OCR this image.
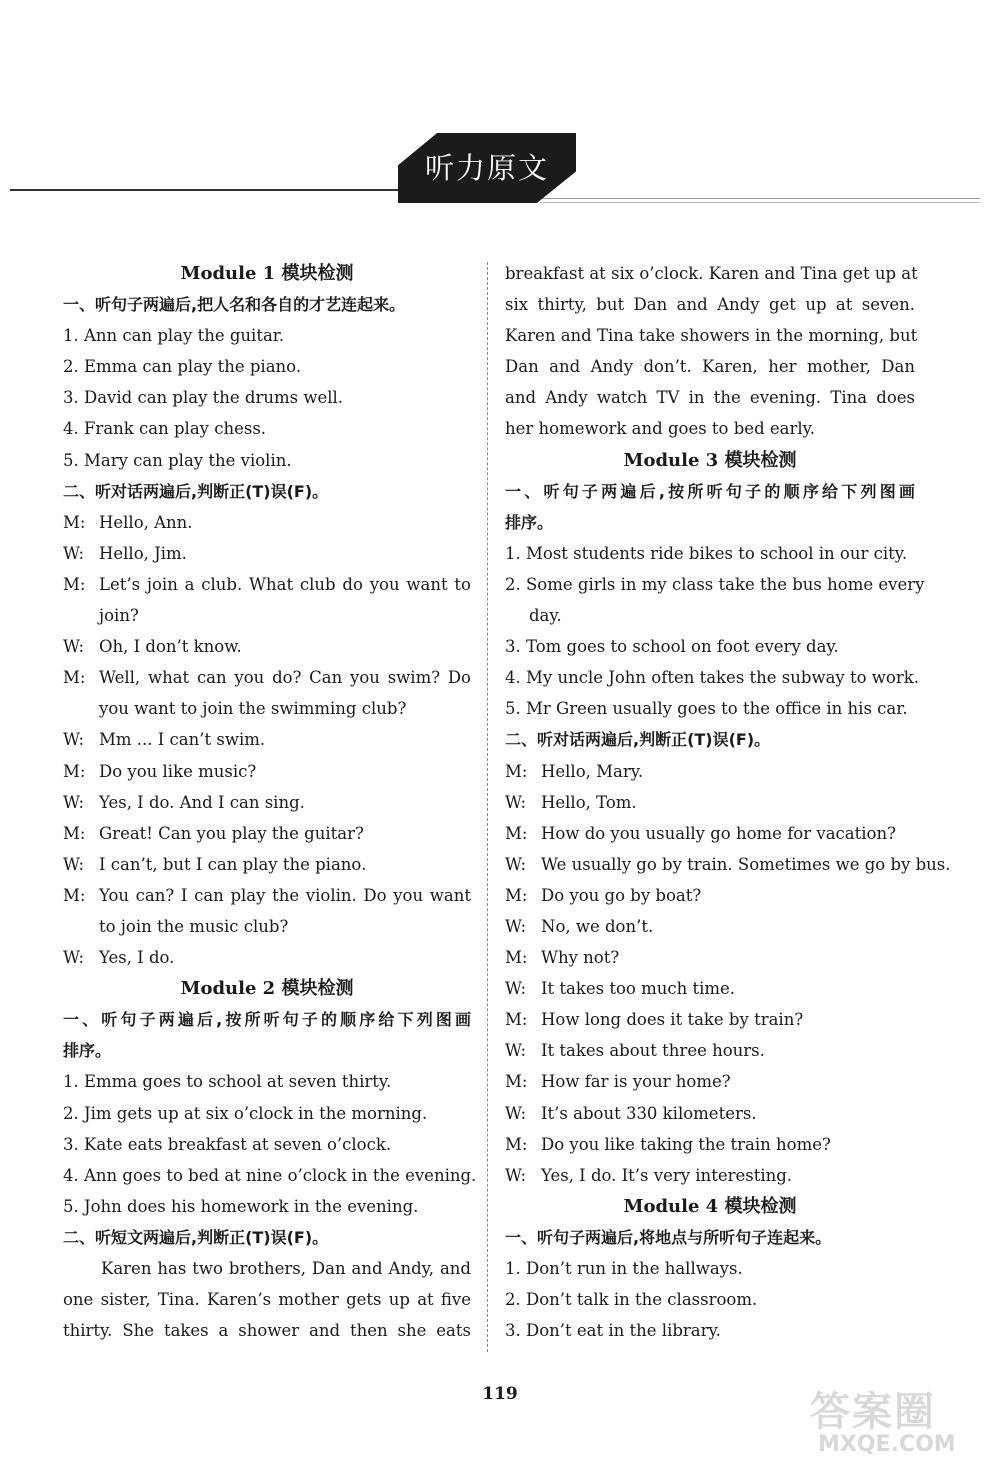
听力原文
Module 1 模块检测
一、听句子两遍后,把人名和各自的才艺连起来。
1. Ann can play the guitar.
2. Emma can play the piano.
3. David can play the drums well.
4. Frank can play chess.
5. Mary can play the violin.
二、听对话两遍后,判断正(T)误(F)。
M: Hello, Ann.
W: Hello, Jim.
M: Let’s join a club. What club do you want to
join?
W: Oh, I don’t know.
M: Well, what can you do? Can you swim? Do
you want to join the swimming club?
W: Mm ... I can’t swim.
M: Do you like music?
W: Yes, I do. And I can sing.
M: Great! Can you play the guitar?
W: I can’t, but I can play the piano.
M: You can? I can play the violin. Do you want
to join the music club?
W: Yes, I do.
Module 2 模块检测
一、听句子两遍后,按所听句子的顺序给下列图画
排序。
1. Emma goes to school at seven thirty.
2. Jim gets up at six o’clock in the morning.
3. Kate eats breakfast at seven o’clock.
4. Ann goes to bed at nine o’clock in the evening.
5. John does his homework in the evening.
二、听短文两遍后,判断正(T)误(F)。
Karen has two brothers, Dan and Andy, and
one sister, Tina. Karen’s mother gets up at five
thirty. She takes a shower and then she eats
breakfast at six o’clock. Karen and Tina get up at
six thirty, but Dan and Andy get up at seven.
Karen and Tina take showers in the morning, but
Dan and Andy don’t. Karen, her mother, Dan
and Andy watch TV in the evening. Tina does
her homework and goes to bed early.
Module 3 模块检测
一、听句子两遍后,按所听句子的顺序给下列图画
排序。
1. Most students ride bikes to school in our city.
2. Some girls in my class take the bus home every
day.
3. Tom goes to school on foot every day.
4. My uncle John often takes the subway to work.
5. Mr Green usually goes to the office in his car.
二、听对话两遍后,判断正(T)误(F)。
M: Hello, Mary.
W: Hello, Tom.
M: How do you usually go home for vacation?
W: We usually go by train. Sometimes we go by bus.
M: Do you go by boat?
W: No, we don’t.
M: Why not?
W: It takes too much time.
M: How long does it take by train?
W: It takes about three hours.
M: How far is your home?
W: It’s about 330 kilometers.
M: Do you like taking the train home?
W: Yes, I do. It’s very interesting.
Module 4 模块检测
一、听句子两遍后,将地点与所听句子连起来。
1. Don’t run in the hallways.
2. Don’t talk in the classroom.
3. Don’t eat in the library.
119	答案圈
MXQE.COM
